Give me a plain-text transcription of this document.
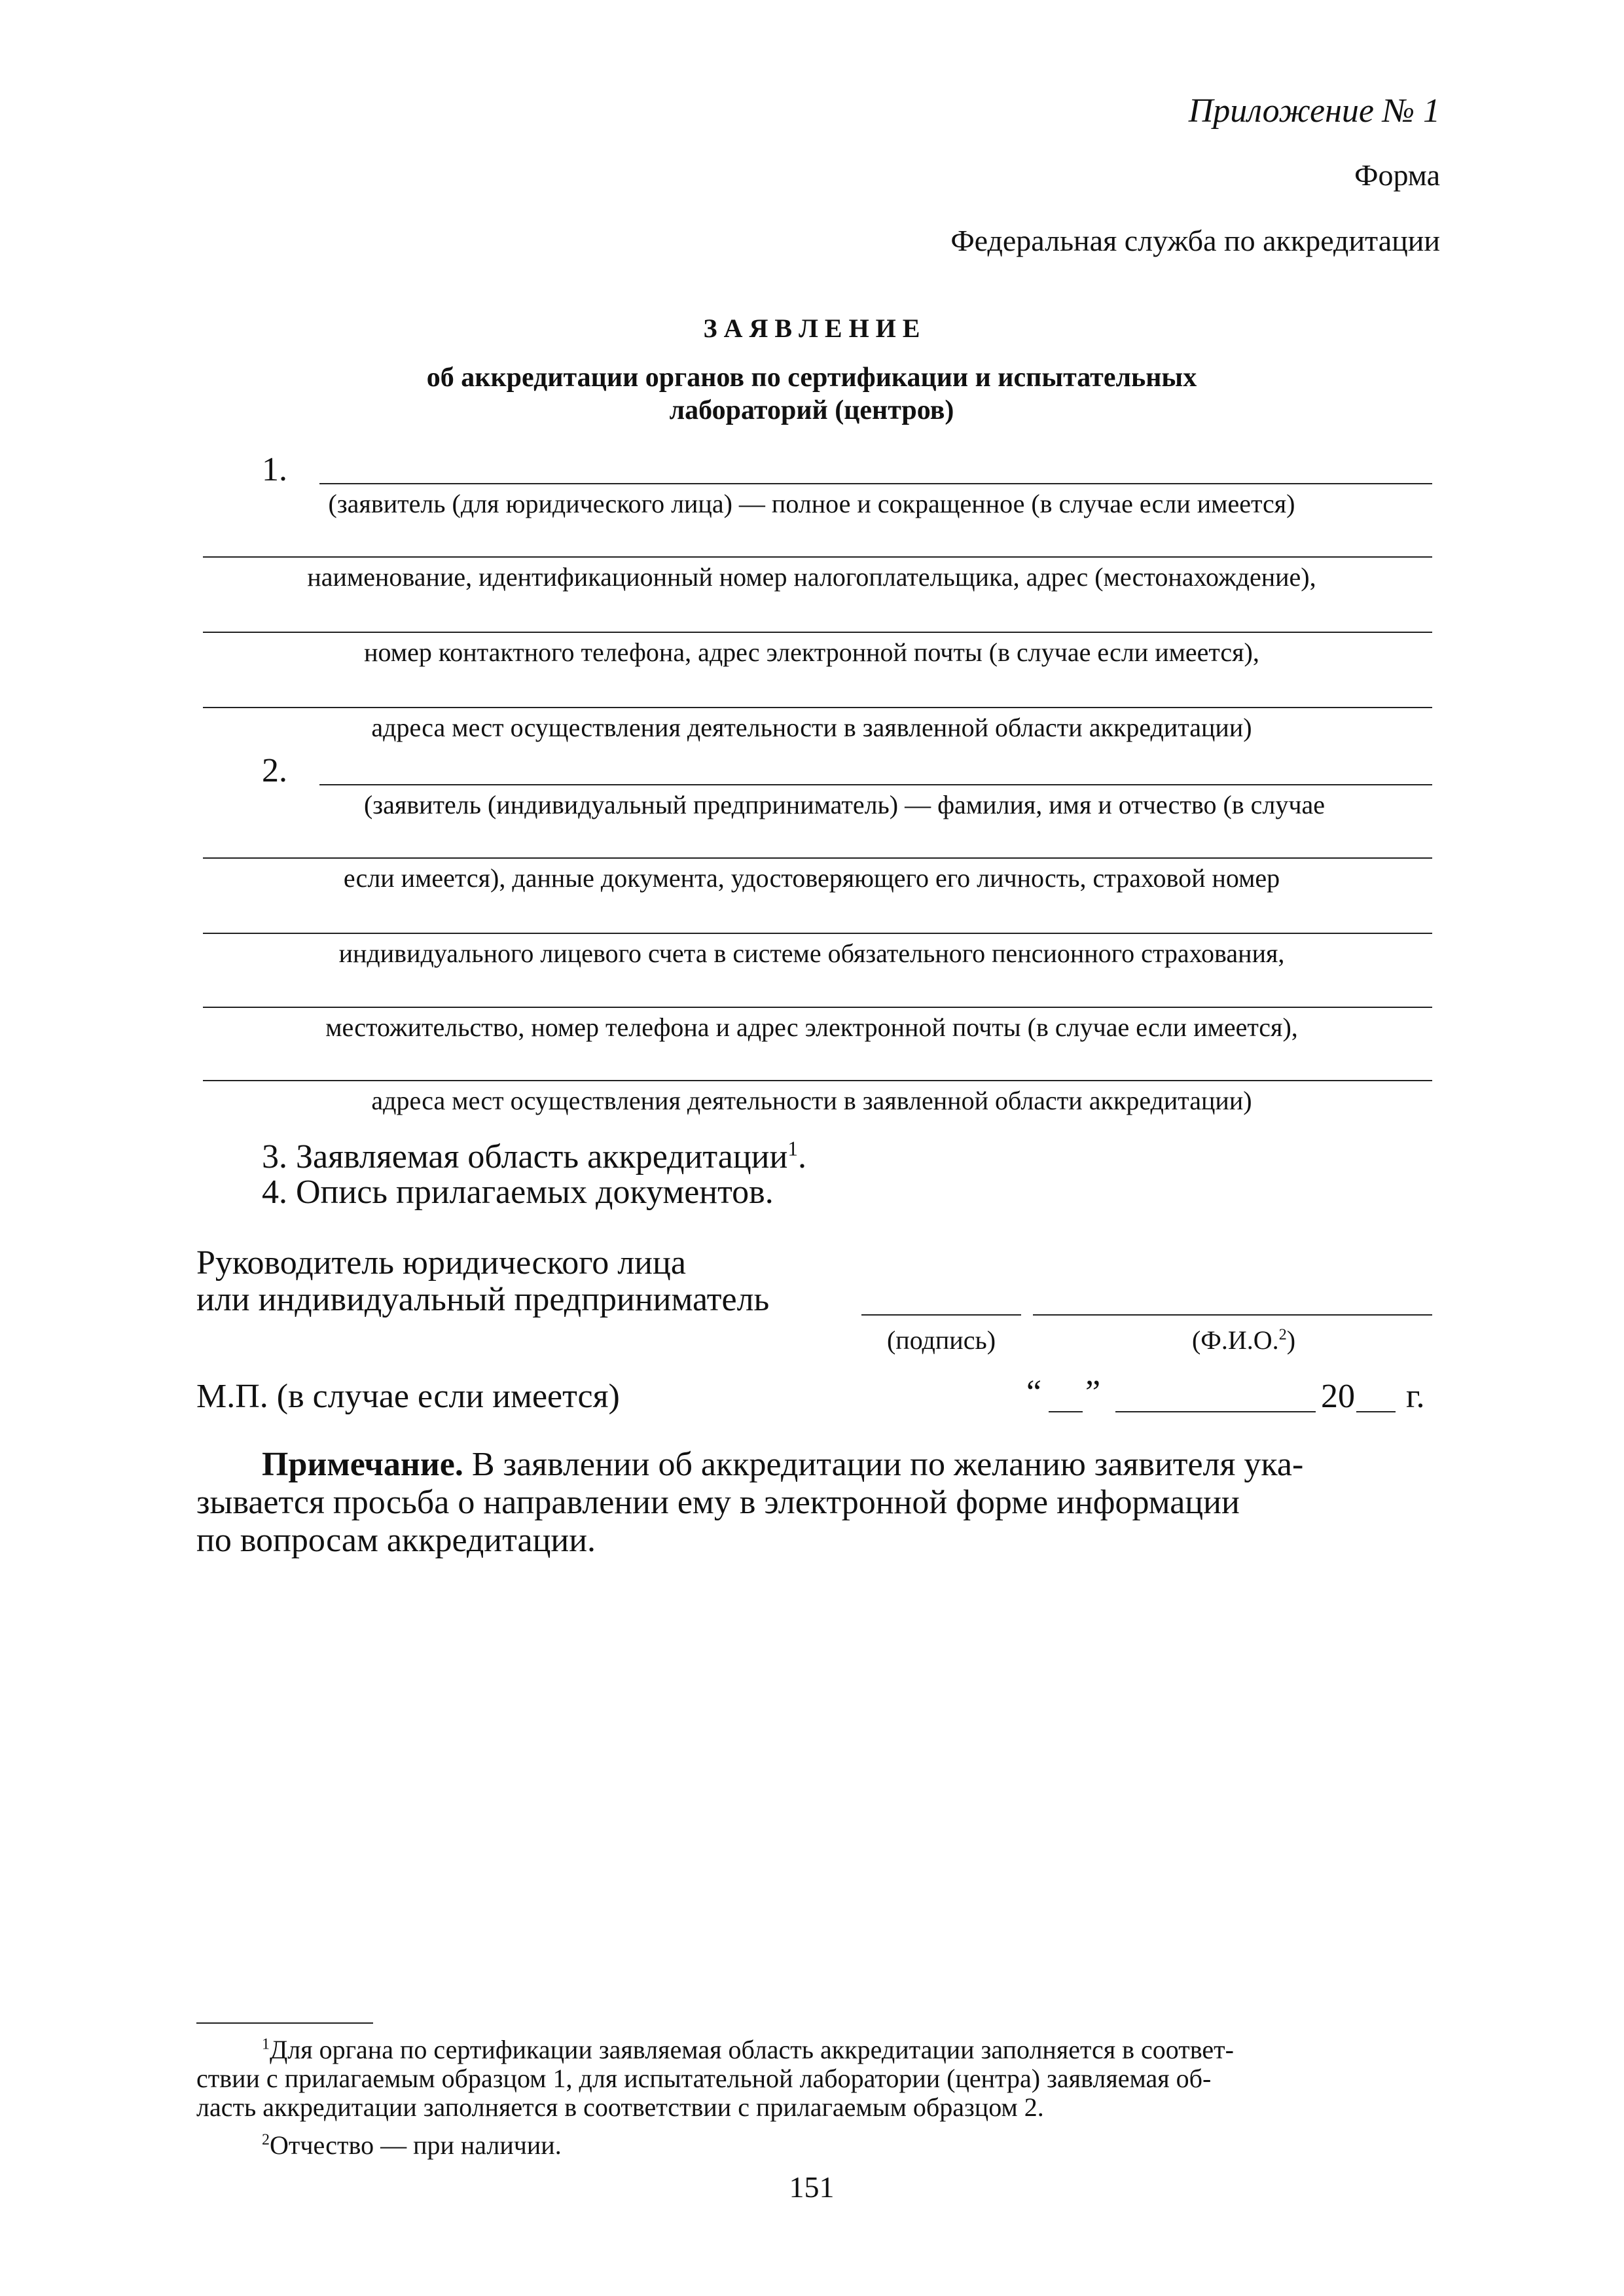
Приложение № 1
Форма
Федеральная служба по аккредитации
З А Я В Л Е Н И Е
об аккредитации органов по сертификации и испытательных
лабораторий (центров)
1.
(заявитель (для юридического лица) — полное и сокращенное (в случае если имеется)
наименование, идентификационный номер налогоплательщика, адрес (местонахождение),
номер контактного телефона, адрес электронной почты (в случае если имеется),
адреса мест осуществления деятельности в заявленной области аккредитации)
2.
(заявитель (индивидуальный предприниматель) — фамилия, имя и отчество (в случае
если имеется), данные документа, удостоверяющего его личность, страховой номер
индивидуального лицевого счета в системе обязательного пенсионного страхования,
местожительство, номер телефона и адрес электронной почты (в случае если имеется),
адреса мест осуществления деятельности в заявленной области аккредитации)
3. Заявляемая область аккредитации$^1$.
4. Опись прилагаемых документов.
Руководитель юридического лица
или индивидуальный предприниматель
(подпись)	(Ф.И.О.$^2$)
М.П. (в случае если имеется)	“ ”	20 г.
Примечание. В заявлении об аккредитации по желанию заявителя ука-
зывается просьба о направлении ему в электронной форме информации
по вопросам аккредитации.
$^1$Для органа по сертификации заявляемая область аккредитации заполняется в соответ-
ствии с прилагаемым образцом 1, для испытательной лаборатории (центра) заявляемая об-
ласть аккредитации заполняется в соответствии с прилагаемым образцом 2.
$^2$Отчество — при наличии.
151
